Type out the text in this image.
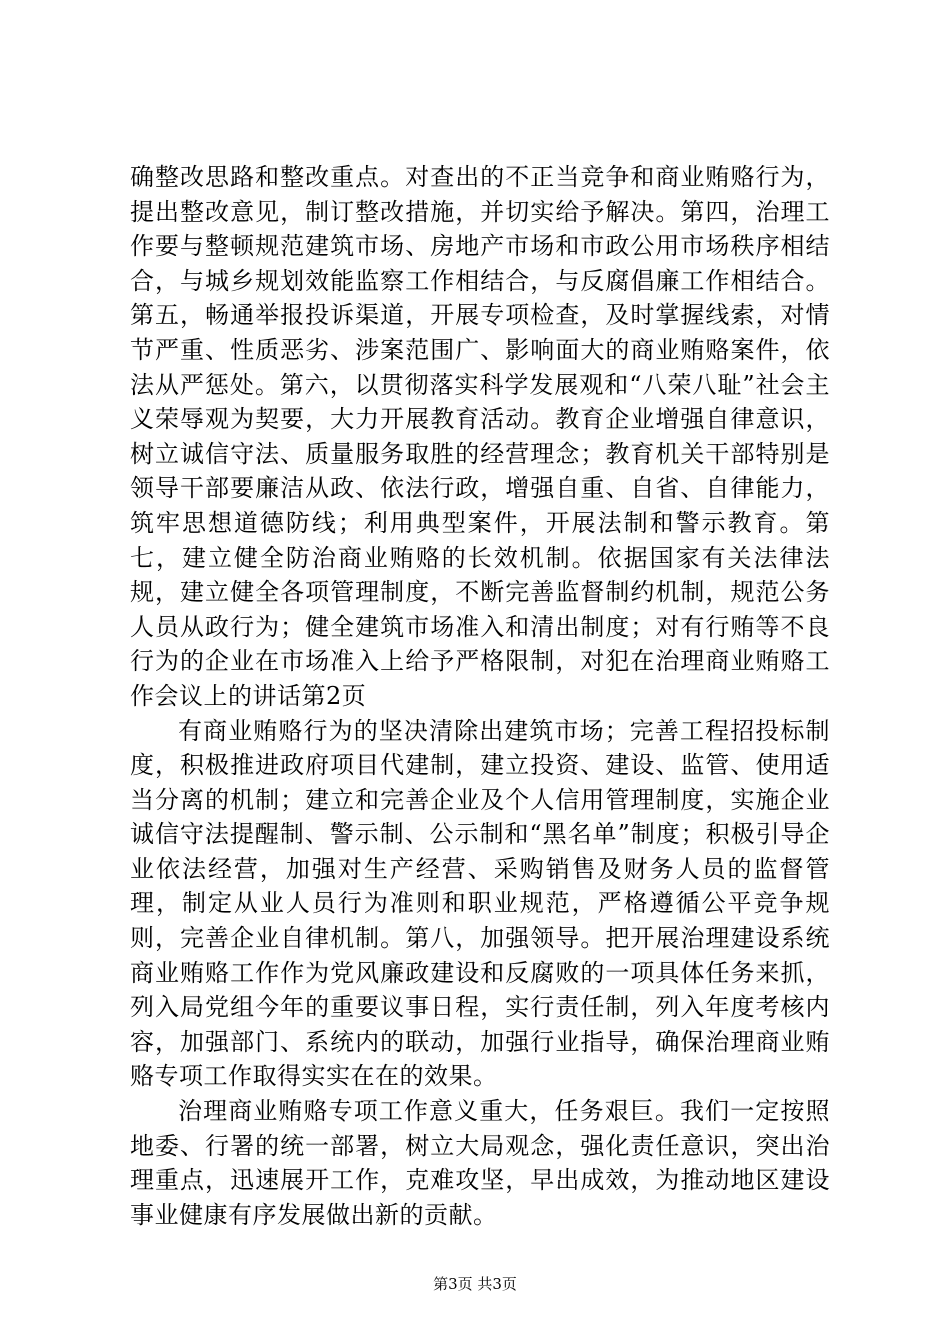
确整改思路和整改重点。对查出的不正当竞争和商业贿赂行为，提出整改意见，制订整改措施，并切实给予解决。第四，治理工作要与整顿规范建筑市场、房地产市场和市政公用市场秩序相结合，与城乡规划效能监察工作相结合，与反腐倡廉工作相结合。第五，畅通举报投诉渠道，开展专项检查，及时掌握线索，对情节严重、性质恶劣、涉案范围广、影响面大的商业贿赂案件，依法从严惩处。第六，以贯彻落实科学发展观和“八荣八耻”社会主义荣辱观为契要，大力开展教育活动。教育企业增强自律意识，树立诚信守法、质量服务取胜的经营理念；教育机关干部特别是领导干部要廉洁从政、依法行政，增强自重、自省、自律能力，筑牢思想道德防线；利用典型案件，开展法制和警示教育。第七，建立健全防治商业贿赂的长效机制。依据国家有关法律法规，建立健全各项管理制度，不断完善监督制约机制，规范公务人员从政行为；健全建筑市场准入和清出制度；对有行贿等不良行为的企业在市场准入上给予严格限制，对犯在治理商业贿赂工作会议上的讲话第2页

有商业贿赂行为的坚决清除出建筑市场；完善工程招投标制度，积极推进政府项目代建制，建立投资、建设、监管、使用适当分离的机制；建立和完善企业及个人信用管理制度，实施企业诚信守法提醒制、警示制、公示制和“黑名单”制度；积极引导企业依法经营，加强对生产经营、采购销售及财务人员的监督管理，制定从业人员行为准则和职业规范，严格遵循公平竞争规则，完善企业自律机制。第八，加强领导。把开展治理建设系统商业贿赂工作作为党风廉政建设和反腐败的一项具体任务来抓，列入局党组今年的重要议事日程，实行责任制，列入年度考核内容，加强部门、系统内的联动，加强行业指导，确保治理商业贿赂专项工作取得实实在在的效果。

治理商业贿赂专项工作意义重大，任务艰巨。我们一定按照地委、行署的统一部署，树立大局观念，强化责任意识，突出治理重点，迅速展开工作，克难攻坚，早出成效，为推动地区建设事业健康有序发展做出新的贡献。

第3页 共3页
